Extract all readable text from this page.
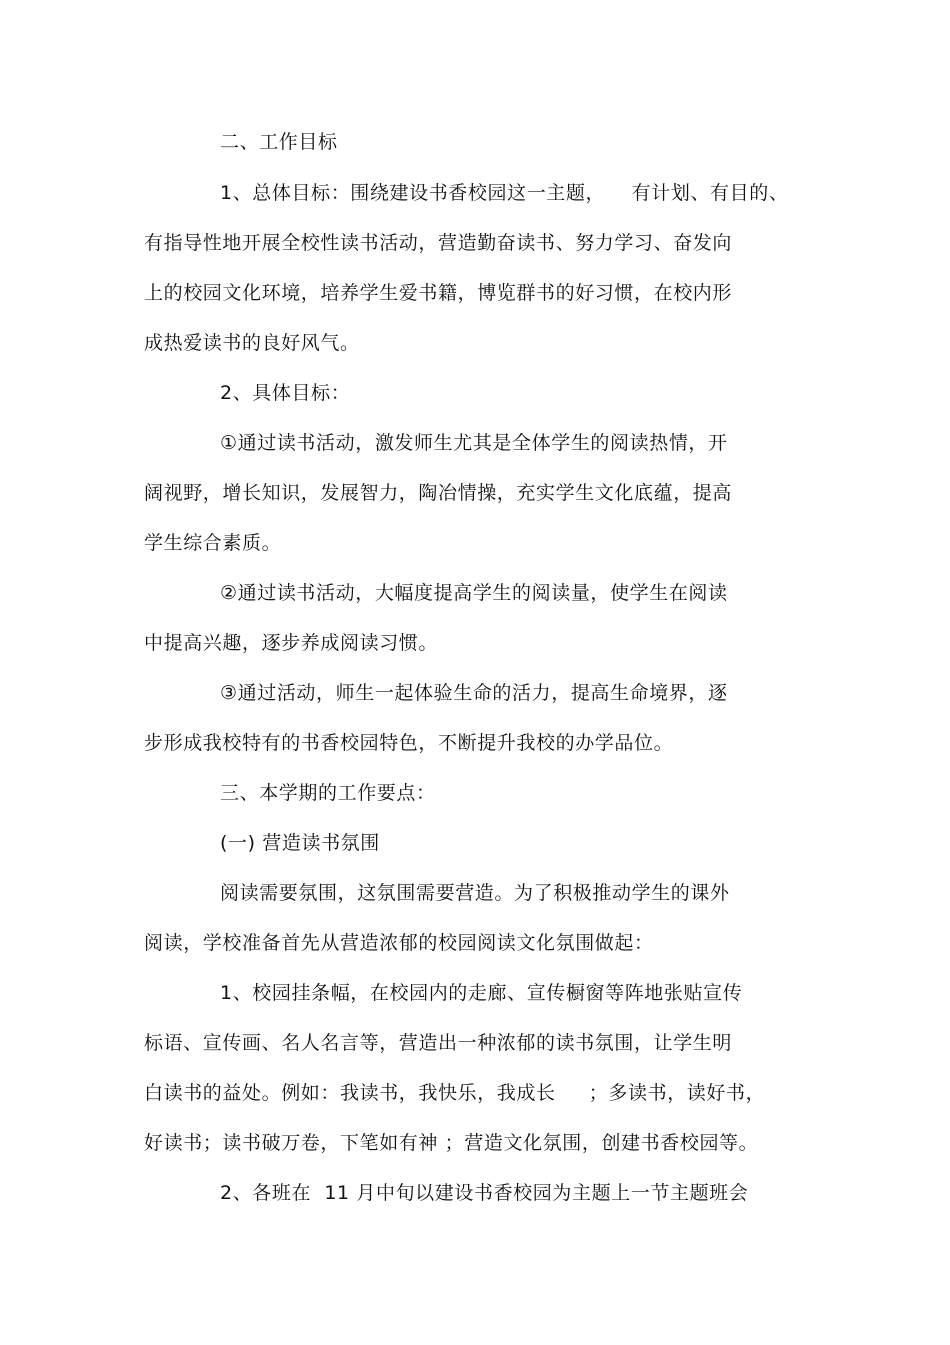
二、工作目标
1、总体目标：围绕建设书香校园这一主题，    有计划、有目的、
有指导性地开展全校性读书活动，营造勤奋读书、努力学习、奋发向
上的校园文化环境，培养学生爱书籍，博览群书的好习惯，在校内形
成热爱读书的良好风气。
2、具体目标：
①通过读书活动，激发师生尤其是全体学生的阅读热情，开
阔视野，增长知识，发展智力，陶冶情操，充实学生文化底蕴，提高
学生综合素质。
②通过读书活动，大幅度提高学生的阅读量，使学生在阅读
中提高兴趣，逐步养成阅读习惯。
③通过活动，师生一起体验生命的活力，提高生命境界，逐
步形成我校特有的书香校园特色，不断提升我校的办学品位。
三、本学期的工作要点：
(一) 营造读书氛围
阅读需要氛围，这氛围需要营造。为了积极推动学生的课外
阅读，学校准备首先从营造浓郁的校园阅读文化氛围做起：
1、校园挂条幅，在校园内的走廊、宣传橱窗等阵地张贴宣传
标语、宣传画、名人名言等，营造出一种浓郁的读书氛围，让学生明
白读书的益处。例如：我读书，我快乐，我成长     ；多读书，读好书，
好读书；读书破万卷，下笔如有神 ；营造文化氛围，创建书香校园等。
2、各班在  11 月中旬以建设书香校园为主题上一节主题班会
